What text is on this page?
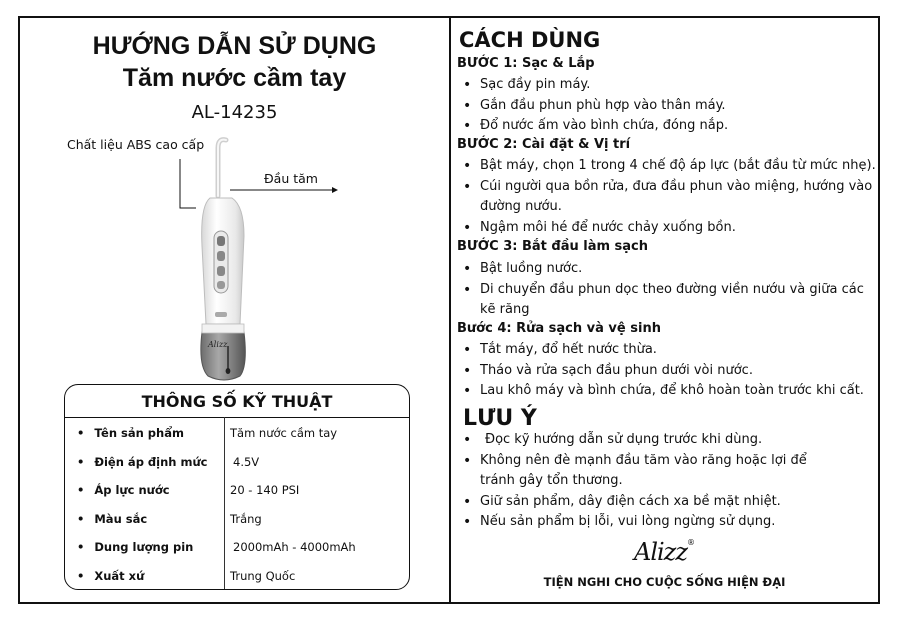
HƯỚNG DẪN SỬ DỤNG
Tăm nước cầm tay
AL-14235
Chất liệu ABS cao cấp
Đầu tăm
Alizz
THÔNG SỐ KỸ THUẬT
• Tên sản phẩm	Tăm nước cầm tay
• Điện áp định mức 4.5V
• Áp lực nước	20 - 140 PSI
• Màu sắc	Trắng
• Dung lượng pin	2000mAh - 4000mAh
• Xuất xứ	Trung Quốc
CÁCH DÙNG
BƯỚC 1: Sạc & Lắp
• Sạc đầy pin máy.
• Gắn đầu phun phù hợp vào thân máy.
• Đổ nước ấm vào bình chứa, đóng nắp.
BƯỚC 2: Cài đặt & Vị trí
• Bật máy, chọn 1 trong 4 chế độ áp lực (bắt đầu từ mức nhẹ).
• Cúi người qua bồn rửa, đưa đầu phun vào miệng, hướng vào đường nướu.
• Ngậm môi hé để nước chảy xuống bồn.
BƯỚC 3: Bắt đầu làm sạch
• Bật luồng nước.
• Di chuyển đầu phun dọc theo đường viền nướu và giữa các kẽ răng
Bước 4: Rửa sạch và vệ sinh
• Tắt máy, đổ hết nước thừa.
• Tháo và rửa sạch đầu phun dưới vòi nước.
• Lau khô máy và bình chứa, để khô hoàn toàn trước khi cất.
LƯU Ý
• Đọc kỹ hướng dẫn sử dụng trước khi dùng.
• Không nên đè mạnh đầu tăm vào răng hoặc lợi để tránh gây tổn thương.
• Giữ sản phẩm, dây điện cách xa bề mặt nhiệt.
• Nếu sản phẩm bị lỗi, vui lòng ngừng sử dụng.
Alizz®
TIỆN NGHI CHO CUỘC SỐNG HIỆN ĐẠI
